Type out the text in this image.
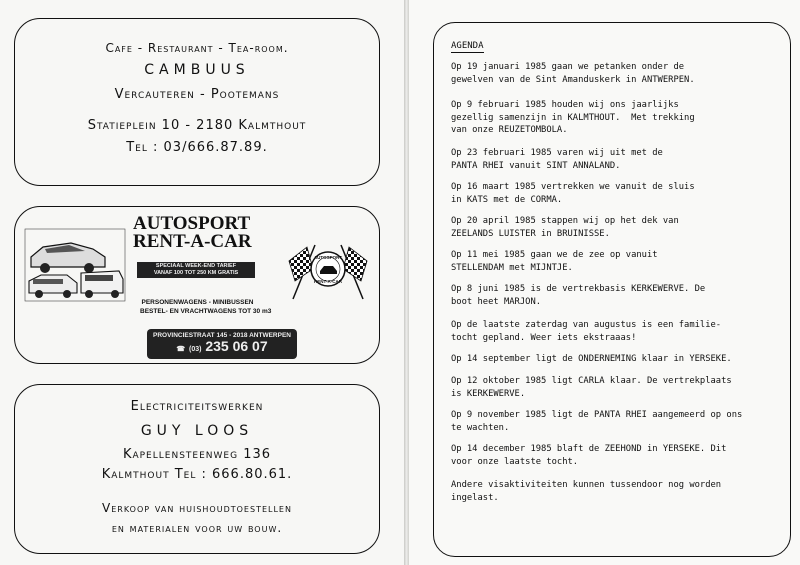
Cafe - Restaurant - Tea-room.
CAMBUUS
Vercauteren - Pootemans
Statieplein 10 - 2180 Kalmthout
Tel : 03/666.87.89.
AUTOSPORT
RENT-A-CAR
SPECIAAL WEEK-END TARIEF
VANAF 100 TOT 250 KM GRATIS
PERSONENWAGENS - MINIBUSSEN
BESTEL- EN VRACHTWAGENS TOT 30 m3
PROVINCIESTRAAT 145 - 2018 ANTWERPEN
☎ (03) 235 06 07
AUTOSPORT
RENT-A-CAR
Electriciteitswerken
GUY LOOS
Kapellensteenweg 136
Kalmthout Tel : 666.80.61.
Verkoop van huishoudtoestellen
en materialen voor uw bouw.
AGENDA
Op 19 januari 1985 gaan we petanken onder de
gewelven van de Sint Amanduskerk in ANTWERPEN.
Op 9 februari 1985 houden wij ons jaarlijks
gezellig samenzijn in KALMTHOUT.  Met trekking
van onze REUZETOMBOLA.
Op 23 februari 1985 varen wij uit met de
PANTA RHEI vanuit SINT ANNALAND.
Op 16 maart 1985 vertrekken we vanuit de sluis
in KATS met de CORMA.
Op 20 april 1985 stappen wij op het dek van
ZEELANDS LUISTER in BRUINISSE.
Op 11 mei 1985 gaan we de zee op vanuit
STELLENDAM met MIJNTJE.
Op 8 juni 1985 is de vertrekbasis KERKEWERVE. De
boot heet MARJON.
Op de laatste zaterdag van augustus is een familie-
tocht gepland. Weer iets ekstraaas!
Op 14 september ligt de ONDERNEMING klaar in YERSEKE.
Op 12 oktober 1985 ligt CARLA klaar. De vertrekplaats
is KERKEWERVE.
Op 9 november 1985 ligt de PANTA RHEI aangemeerd op ons
te wachten.
Op 14 december 1985 blaft de ZEEHOND in YERSEKE. Dit
voor onze laatste tocht.
Andere visaktiviteiten kunnen tussendoor nog worden
ingelast.
